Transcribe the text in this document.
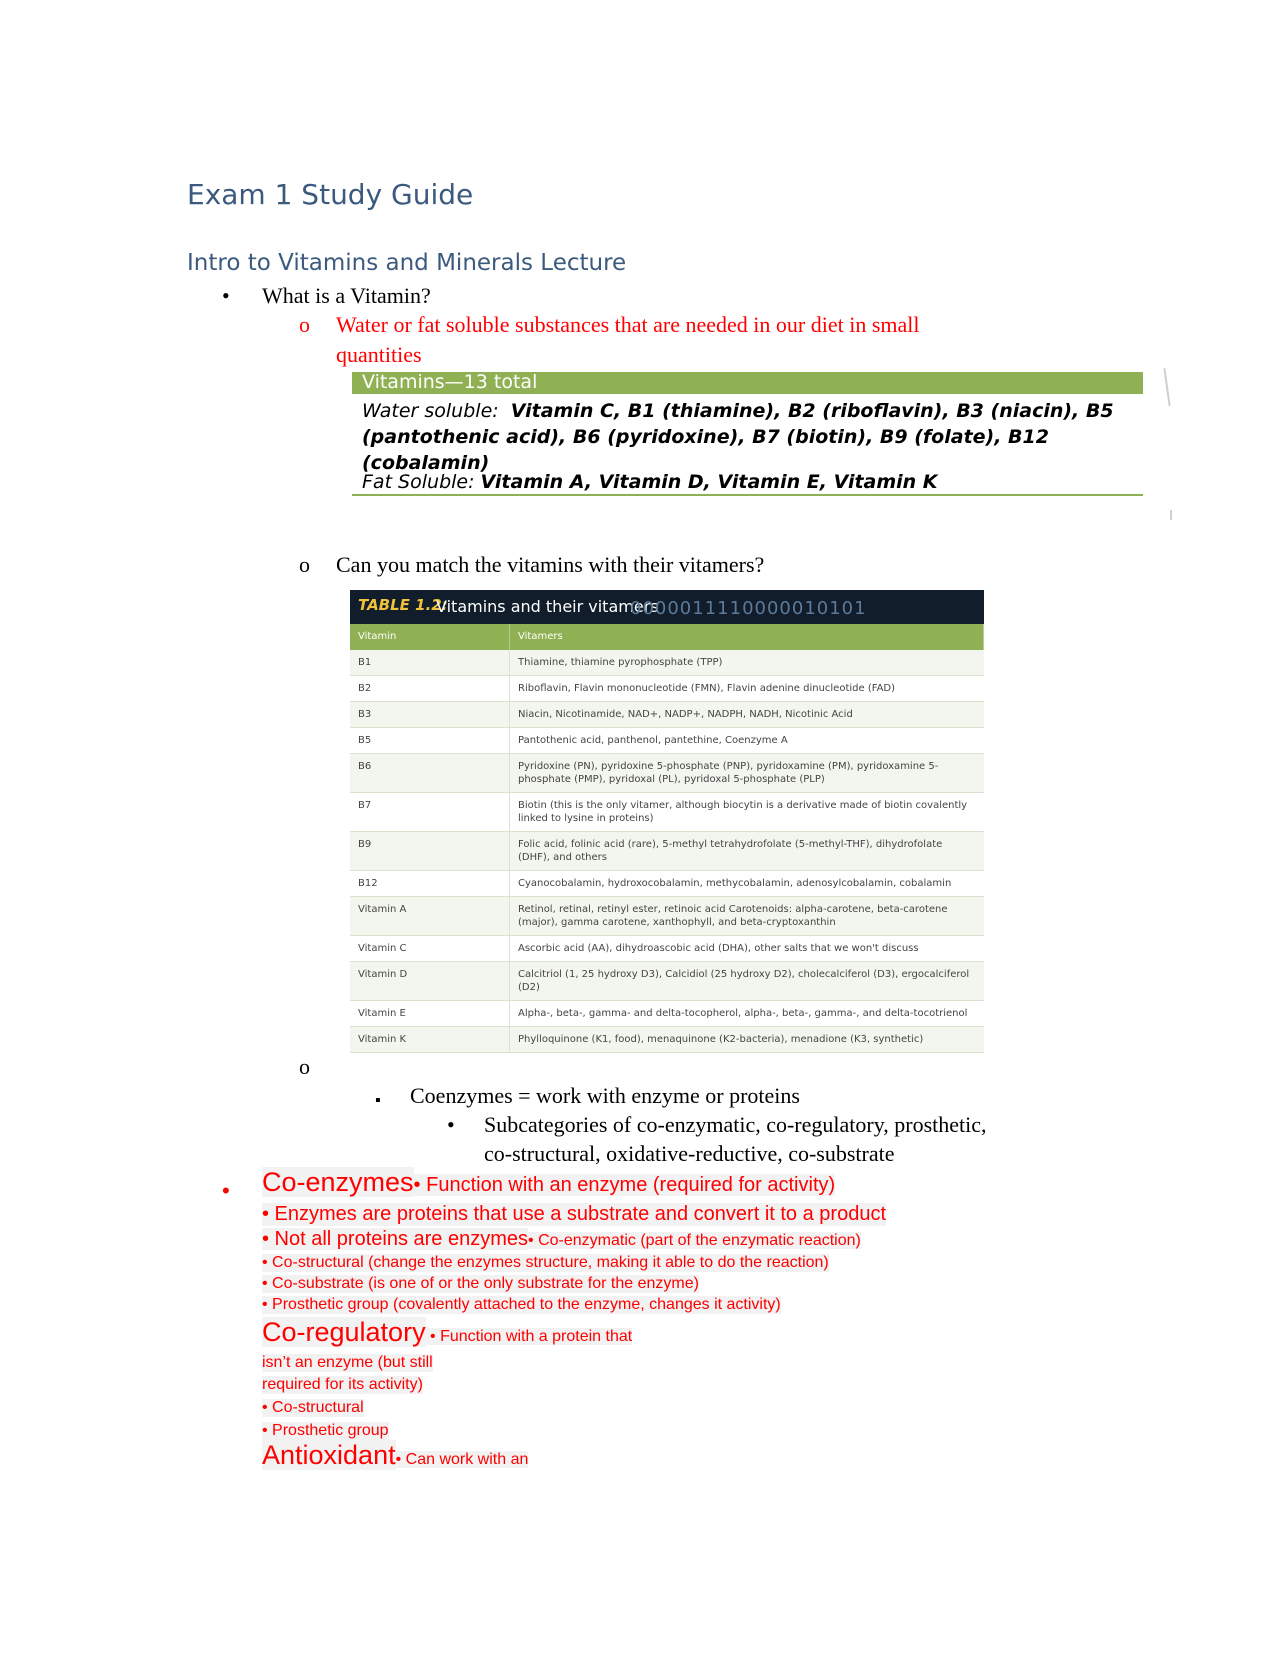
Exam 1 Study Guide
Intro to Vitamins and Minerals Lecture
• What is a Vitamin?
o Water or fat soluble substances that are needed in our diet in small
quantities
Vitamins—13 total
Water soluble: Vitamin C, B1 (thiamine), B2 (riboflavin), B3 (niacin), B5 (pantothenic acid), B6 (pyridoxine), B7 (biotin), B9 (folate), B12 (cobalamin)
Fat Soluble: Vitamin A, Vitamin D, Vitamin E, Vitamin K
o Can you match the vitamins with their vitamers?
TABLE 1.2:
Vitamins and their vitamers
0000011110000010101
Vitamin	Vitamers
B1	Thiamine, thiamine pyrophosphate (TPP)
B2	Riboflavin, Flavin mononucleotide (FMN), Flavin adenine dinucleotide (FAD)
B3	Niacin, Nicotinamide, NAD+, NADP+, NADPH, NADH, Nicotinic Acid
B5	Pantothenic acid, panthenol, pantethine, Coenzyme A
B6	Pyridoxine (PN), pyridoxine 5-phosphate (PNP), pyridoxamine (PM), pyridoxamine 5-phosphate (PMP), pyridoxal (PL), pyridoxal 5-phosphate (PLP)
B7	Biotin (this is the only vitamer, although biocytin is a derivative made of biotin covalently linked to lysine in proteins)
B9	Folic acid, folinic acid (rare), 5-methyl tetrahydrofolate (5-methyl-THF), dihydrofolate (DHF), and others
B12	Cyanocobalamin, hydroxocobalamin, methycobalamin, adenosylcobalamin, cobalamin
Vitamin A	Retinol, retinal, retinyl ester, retinoic acid Carotenoids: alpha-carotene, beta-carotene (major), gamma carotene, xanthophyll, and beta-cryptoxanthin
Vitamin C	Ascorbic acid (AA), dihydroascobic acid (DHA), other salts that we won't discuss
Vitamin D	Calcitriol (1, 25 hydroxy D3), Calcidiol (25 hydroxy D2), cholecalciferol (D3), ergocalciferol (D2)
Vitamin E	Alpha-, beta-, gamma- and delta-tocopherol, alpha-, beta-, gamma-, and delta-tocotrienol
Vitamin K	Phylloquinone (K1, food), menaquinone (K2-bacteria), menadione (K3, synthetic)
o
▪ Coenzymes = work with enzyme or proteins
• Subcategories of co-enzymatic, co-regulatory, prosthetic,
co-structural, oxidative-reductive, co-substrate
• Co-enzymes• Function with an enzyme (required for activity)
• Enzymes are proteins that use a substrate and convert it to a product
• Not all proteins are enzymes• Co-enzymatic (part of the enzymatic reaction)
• Co-structural (change the enzymes structure, making it able to do the reaction)
• Co-substrate (is one of or the only substrate for the enzyme)
• Prosthetic group (covalently attached to the enzyme, changes it activity)
Co-regulatory • Function with a protein that
isn’t an enzyme (but still
required for its activity)
• Co-structural
• Prosthetic group
Antioxidant• Can work with an
